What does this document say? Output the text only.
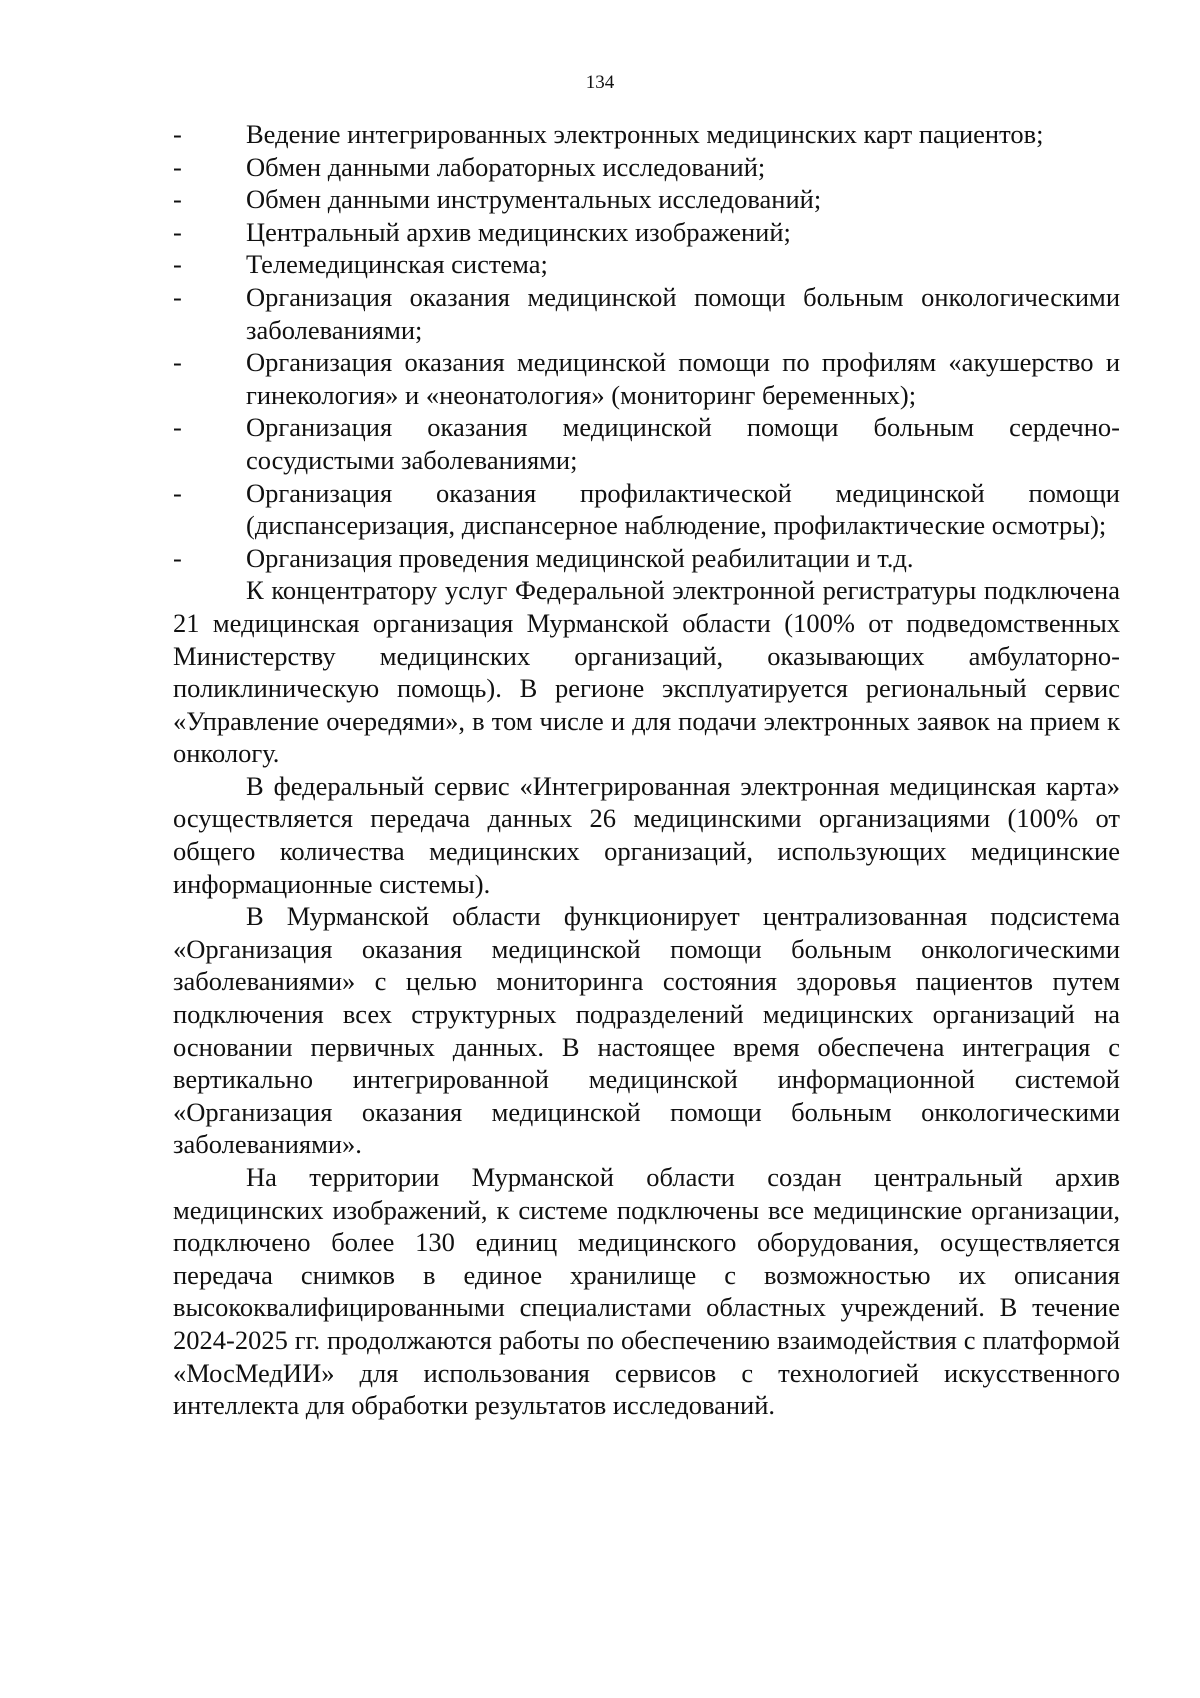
134
- Ведение интегрированных электронных медицинских карт пациентов;
- Обмен данными лабораторных исследований;
- Обмен данными инструментальных исследований;
- Центральный архив медицинских изображений;
- Телемедицинская система;
- Организация оказания медицинской помощи больным онкологическими заболеваниями;
- Организация оказания медицинской помощи по профилям «акушерство и гинекология» и «неонатология» (мониторинг беременных);
- Организация оказания медицинской помощи больным сердечно-сосудистыми заболеваниями;
- Организация оказания профилактической медицинской помощи (диспансеризация, диспансерное наблюдение, профилактические осмотры);
- Организация проведения медицинской реабилитации и т.д.

К концентратору услуг Федеральной электронной регистратуры подключена 21 медицинская организация Мурманской области (100% от подведомственных Министерству медицинских организаций, оказывающих амбулаторно-поликлиническую помощь). В регионе эксплуатируется региональный сервис «Управление очередями», в том числе и для подачи электронных заявок на прием к онкологу.

В федеральный сервис «Интегрированная электронная медицинская карта» осуществляется передача данных 26 медицинскими организациями (100% от общего количества медицинских организаций, использующих медицинские информационные системы).

В Мурманской области функционирует централизованная подсистема «Организация оказания медицинской помощи больным онкологическими заболеваниями» с целью мониторинга состояния здоровья пациентов путем подключения всех структурных подразделений медицинских организаций на основании первичных данных. В настоящее время обеспечена интеграция с вертикально интегрированной медицинской информационной системой «Организация оказания медицинской помощи больным онкологическими заболеваниями».

На территории Мурманской области создан центральный архив медицинских изображений, к системе подключены все медицинские организации, подключено более 130 единиц медицинского оборудования, осуществляется передача снимков в единое хранилище с возможностью их описания высококвалифицированными специалистами областных учреждений. В течение 2024-2025 гг. продолжаются работы по обеспечению взаимодействия с платформой «МосМедИИ» для использования сервисов с технологией искусственного интеллекта для обработки результатов исследований.
